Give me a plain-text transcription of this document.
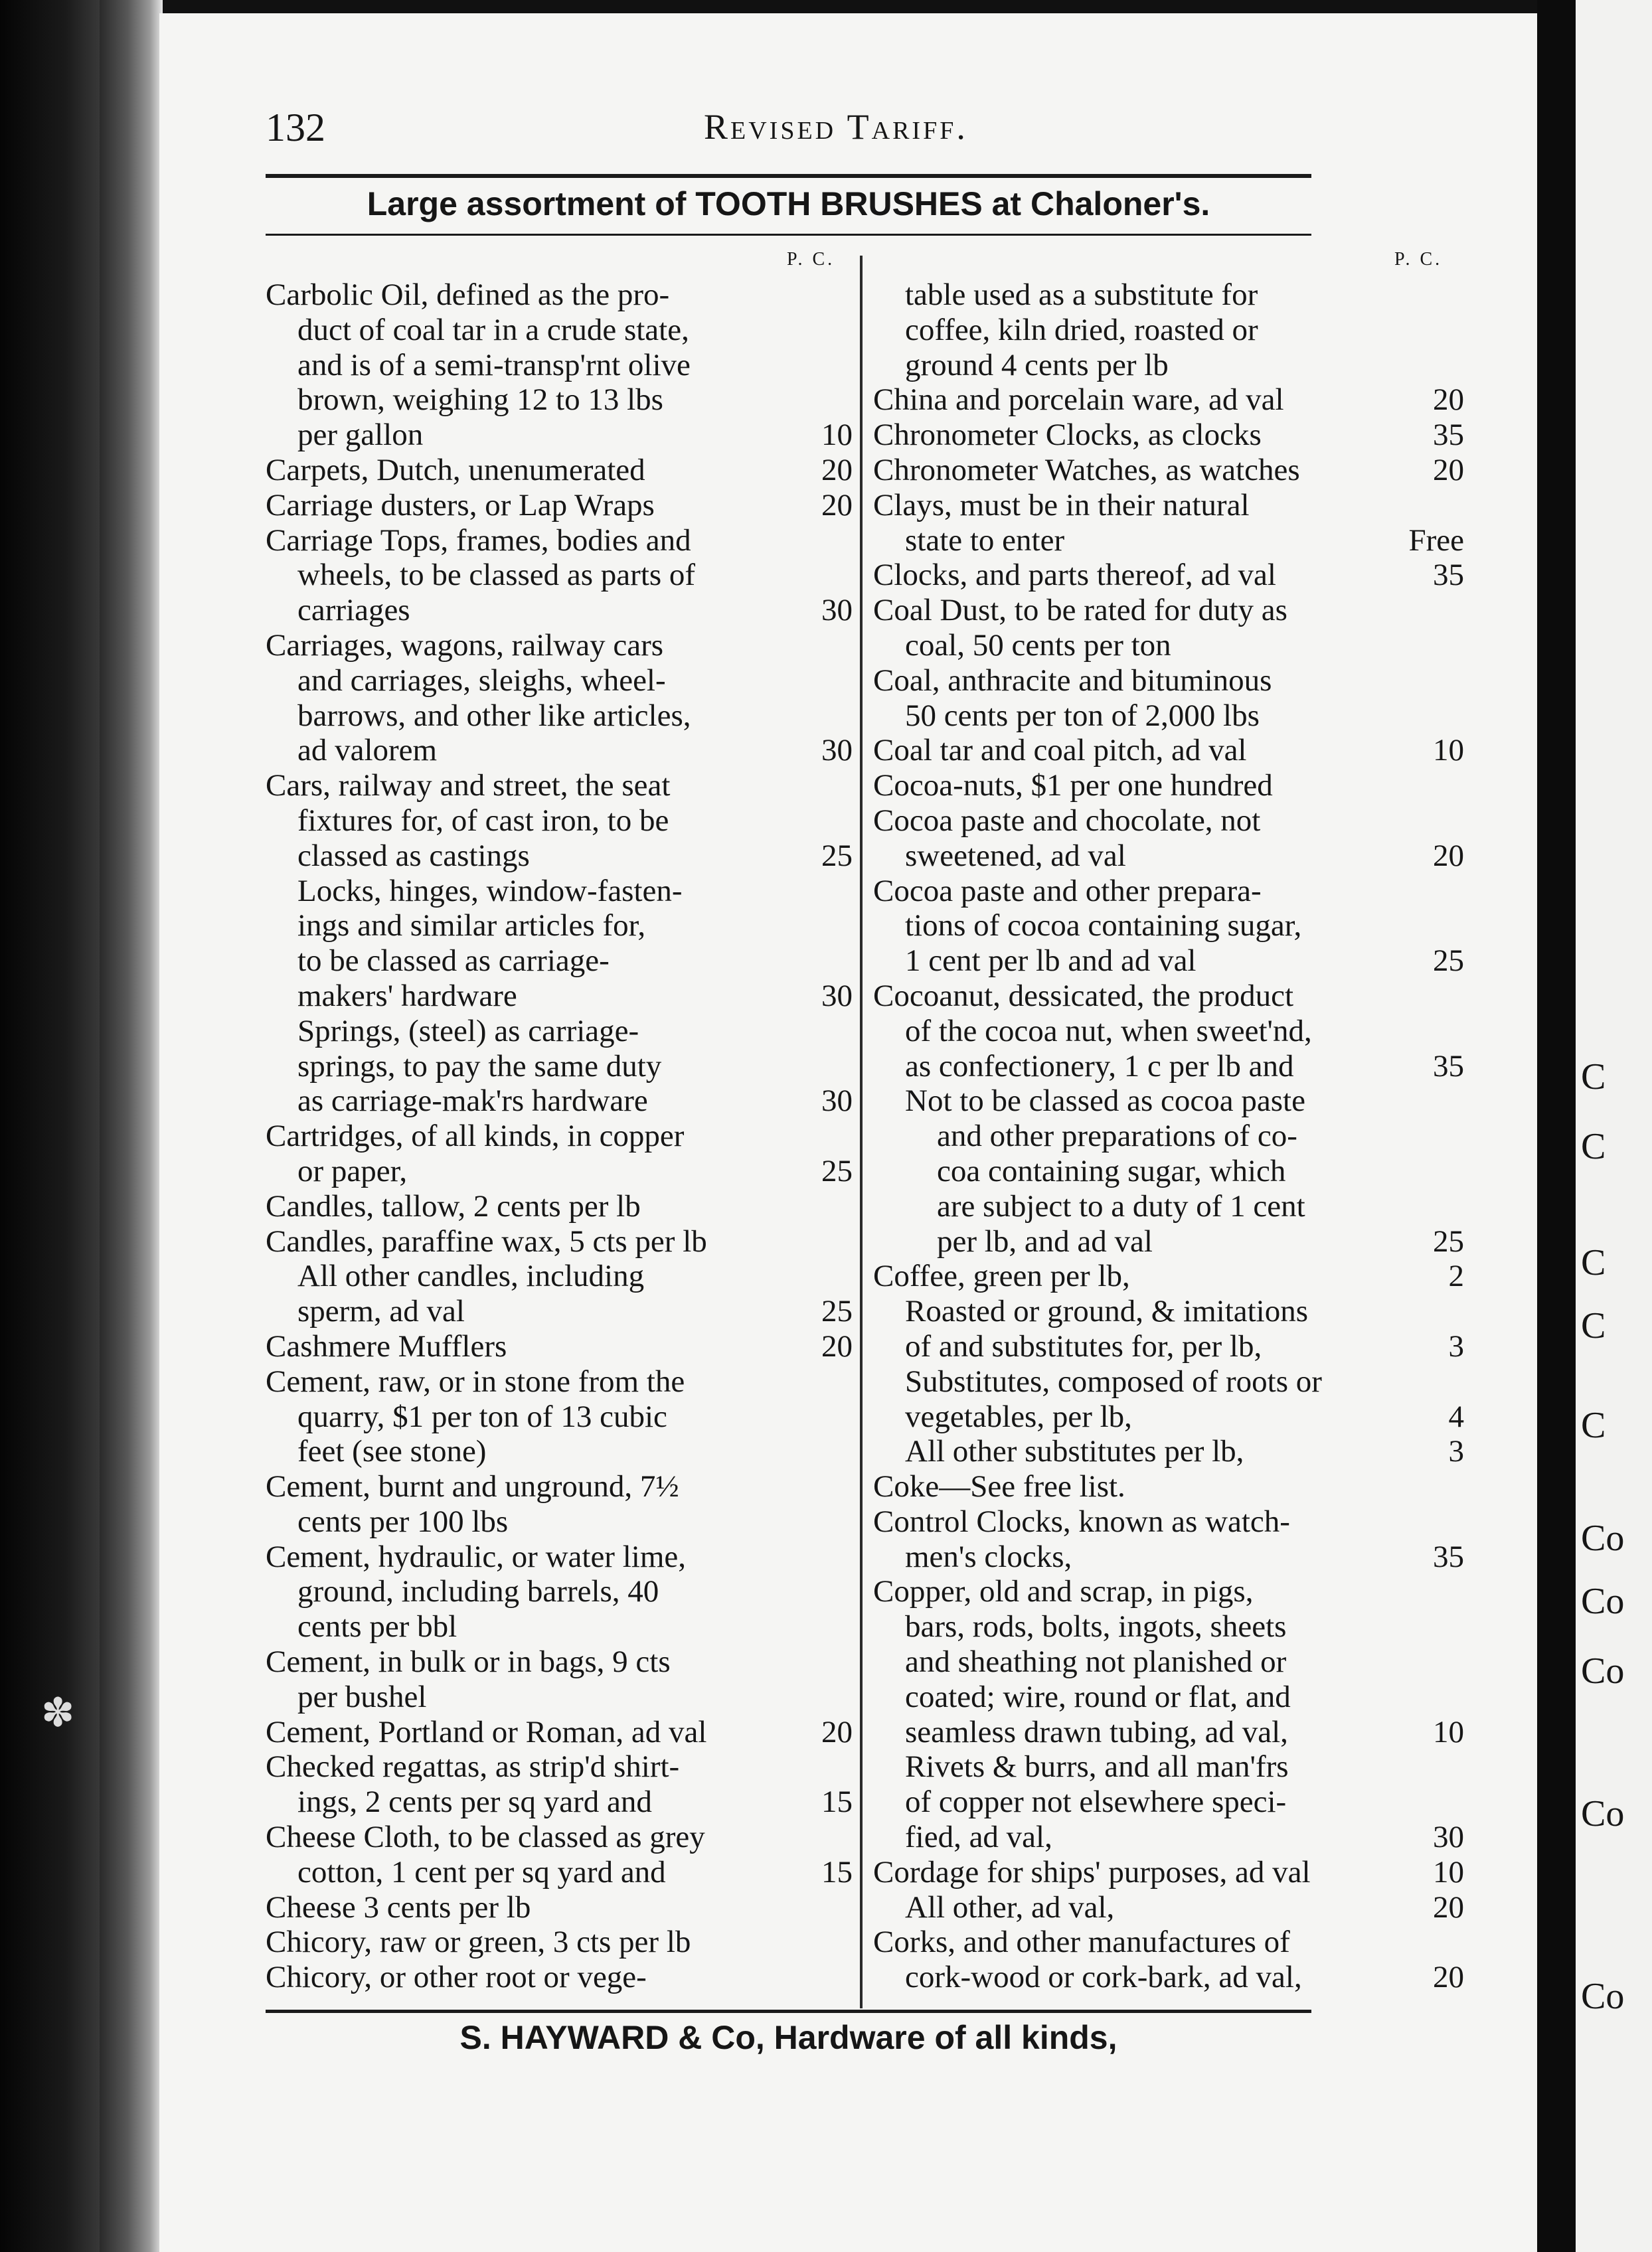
✽
C
C
C
C
C
Co
Co
Co
Co
Co
132	Revised Tariff.
Large assortment of TOOTH BRUSHES at Chaloner's.
P. C.	P. C.
Carbolic Oil, defined as the pro-
duct of coal tar in a crude state,
and is of a semi-transp'rnt olive
brown, weighing 12 to 13 lbs
per gallon	10
Carpets, Dutch, unenumerated	20
Carriage dusters, or Lap Wraps	20
Carriage Tops, frames, bodies and
wheels, to be classed as parts of
carriages	30
Carriages, wagons, railway cars
and carriages, sleighs, wheel-
barrows, and other like articles,
ad valorem	30
Cars, railway and street, the seat
fixtures for, of cast iron, to be
classed as castings	25
Locks, hinges, window-fasten-
ings and similar articles for,
to be classed as carriage-
makers' hardware	30
Springs, (steel) as carriage-
springs, to pay the same duty
as carriage-mak'rs hardware	30
Cartridges, of all kinds, in copper
or paper,	25
Candles, tallow, 2 cents per lb
Candles, paraffine wax, 5 cts per lb
All other candles, including
sperm, ad val	25
Cashmere Mufflers	20
Cement, raw, or in stone from the
quarry, $1 per ton of 13 cubic
feet (see stone)
Cement, burnt and unground, 7½
cents per 100 lbs
Cement, hydraulic, or water lime,
ground, including barrels, 40
cents per bbl
Cement, in bulk or in bags, 9 cts
per bushel
Cement, Portland or Roman, ad val	20
Checked regattas, as strip'd shirt-
ings, 2 cents per sq yard and	15
Cheese Cloth, to be classed as grey
cotton, 1 cent per sq yard and	15
Cheese 3 cents per lb
Chicory, raw or green, 3 cts per lb
Chicory, or other root or vege-
table used as a substitute for
coffee, kiln dried, roasted or
ground 4 cents per lb
China and porcelain ware, ad val	20
Chronometer Clocks, as clocks	35
Chronometer Watches, as watches	20
Clays, must be in their natural
state to enter	Free
Clocks, and parts thereof, ad val	35
Coal Dust, to be rated for duty as
coal, 50 cents per ton
Coal, anthracite and bituminous
50 cents per ton of 2,000 lbs
Coal tar and coal pitch, ad val	10
Cocoa-nuts, $1 per one hundred
Cocoa paste and chocolate, not
sweetened, ad val	20
Cocoa paste and other prepara-
tions of cocoa containing sugar,
1 cent per lb and ad val	25
Cocoanut, dessicated, the product
of the cocoa nut, when sweet'nd,
as confectionery, 1 c per lb and	35
Not to be classed as cocoa paste
and other preparations of co-
coa containing sugar, which
are subject to a duty of 1 cent
per lb, and ad val	25
Coffee, green per lb,	2
Roasted or ground, & imitations
of and substitutes for, per lb,	3
Substitutes, composed of roots or
vegetables, per lb,	4
All other substitutes per lb,	3
Coke—See free list.
Control Clocks, known as watch-
men's clocks,	35
Copper, old and scrap, in pigs,
bars, rods, bolts, ingots, sheets
and sheathing not planished or
coated; wire, round or flat, and
seamless drawn tubing, ad val,	10
Rivets & burrs, and all man'frs
of copper not elsewhere speci-
fied, ad val,	30
Cordage for ships' purposes, ad val	10
All other, ad val,	20
Corks, and other manufactures of
cork-wood or cork-bark, ad val,	20
S. HAYWARD & Co, Hardware of all kinds,
